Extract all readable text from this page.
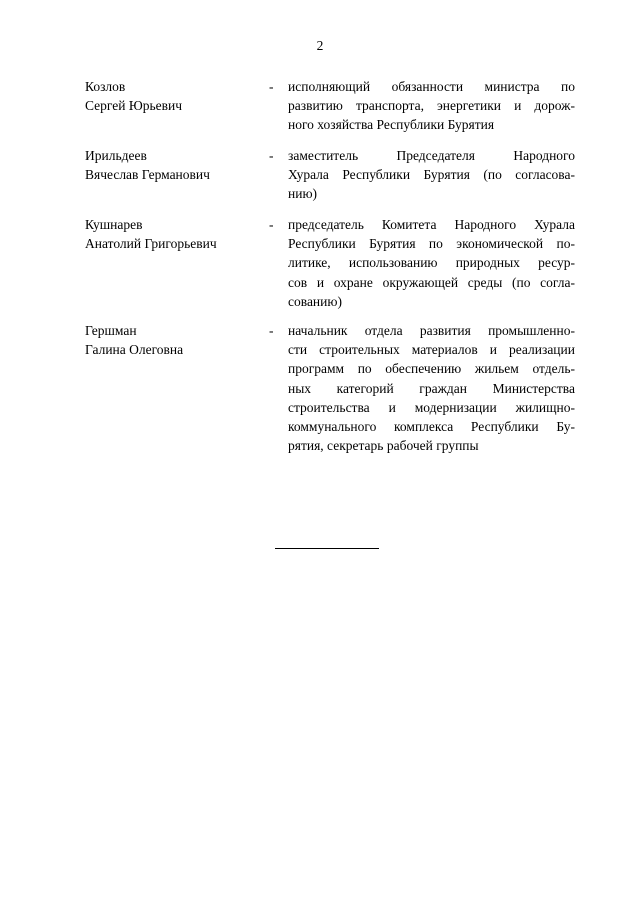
2
Козлов
Сергей Юрьевич
- исполняющий обязанности министра по
развитию транспорта, энергетики и дорож-
ного хозяйства Республики Бурятия
Ирильдеев
Вячеслав Германович
- заместитель Председателя Народного
Хурала Республики Бурятия (по согласова-
нию)
Кушнарев
Анатолий Григорьевич
- председатель Комитета Народного Хурала
Республики Бурятия по экономической по-
литике, использованию природных ресур-
сов и охране окружающей среды (по согла-
сованию)
Гершман
Галина Олеговна
- начальник отдела развития промышленно-
сти строительных материалов и реализации
программ по обеспечению жильем отдель-
ных категорий граждан Министерства
строительства и модернизации жилищно-
коммунального комплекса Республики Бу-
рятия, секретарь рабочей группы
